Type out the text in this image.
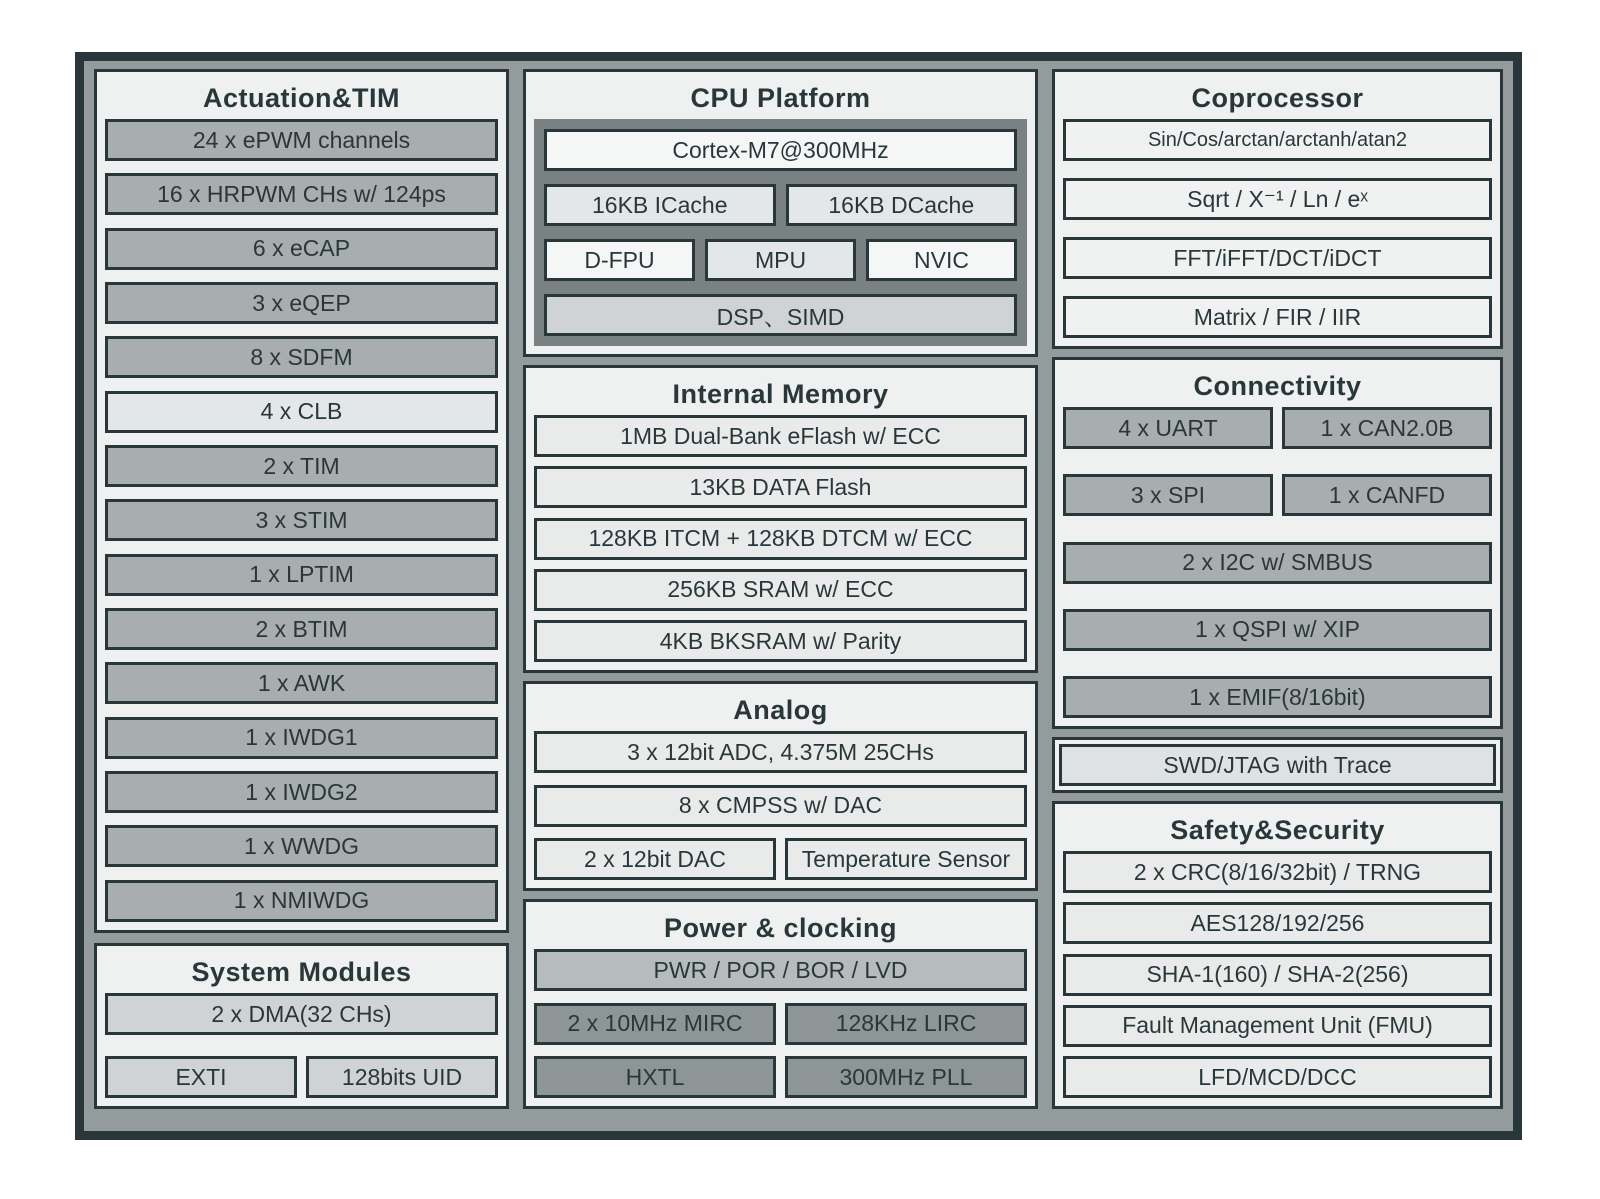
Actuation&TIM
24 x ePWM channels
16 x HRPWM CHs w/ 124ps
6 x eCAP
3 x eQEP
8 x SDFM
4 x CLB
2 x TIM
3 x STIM
1 x LPTIM
2 x BTIM
1 x AWK
1 x IWDG1
1 x IWDG2
1 x WWDG
1 x NMIWDG
System Modules
2 x DMA(32 CHs)
EXTI	128bits UID
CPU Platform
Cortex-M7@300MHz
16KB ICache	16KB DCache
D-FPU	MPU	NVIC
DSP、SIMD
Internal Memory
1MB Dual-Bank eFlash w/ ECC
13KB DATA Flash
128KB ITCM + 128KB DTCM w/ ECC
256KB SRAM w/ ECC
4KB BKSRAM w/ Parity
Analog
3 x 12bit ADC, 4.375M 25CHs
8 x CMPSS w/ DAC
2 x 12bit DAC	Temperature Sensor
Power & clocking
PWR / POR / BOR / LVD
2 x 10MHz MIRC	128KHz LIRC
HXTL	300MHz PLL
Coprocessor
Sin/Cos/arctan/arctanh/atan2
Sqrt / X⁻¹ / Ln / eˣ
FFT/iFFT/DCT/iDCT
Matrix / FIR / IIR
Connectivity
4 x UART	1 x CAN2.0B
3 x SPI	1 x CANFD
2 x I2C w/ SMBUS
1 x QSPI w/ XIP
1 x EMIF(8/16bit)
SWD/JTAG with Trace
Safety&Security
2 x CRC(8/16/32bit) / TRNG
AES128/192/256
SHA-1(160) / SHA-2(256)
Fault Management Unit (FMU)
LFD/MCD/DCC
